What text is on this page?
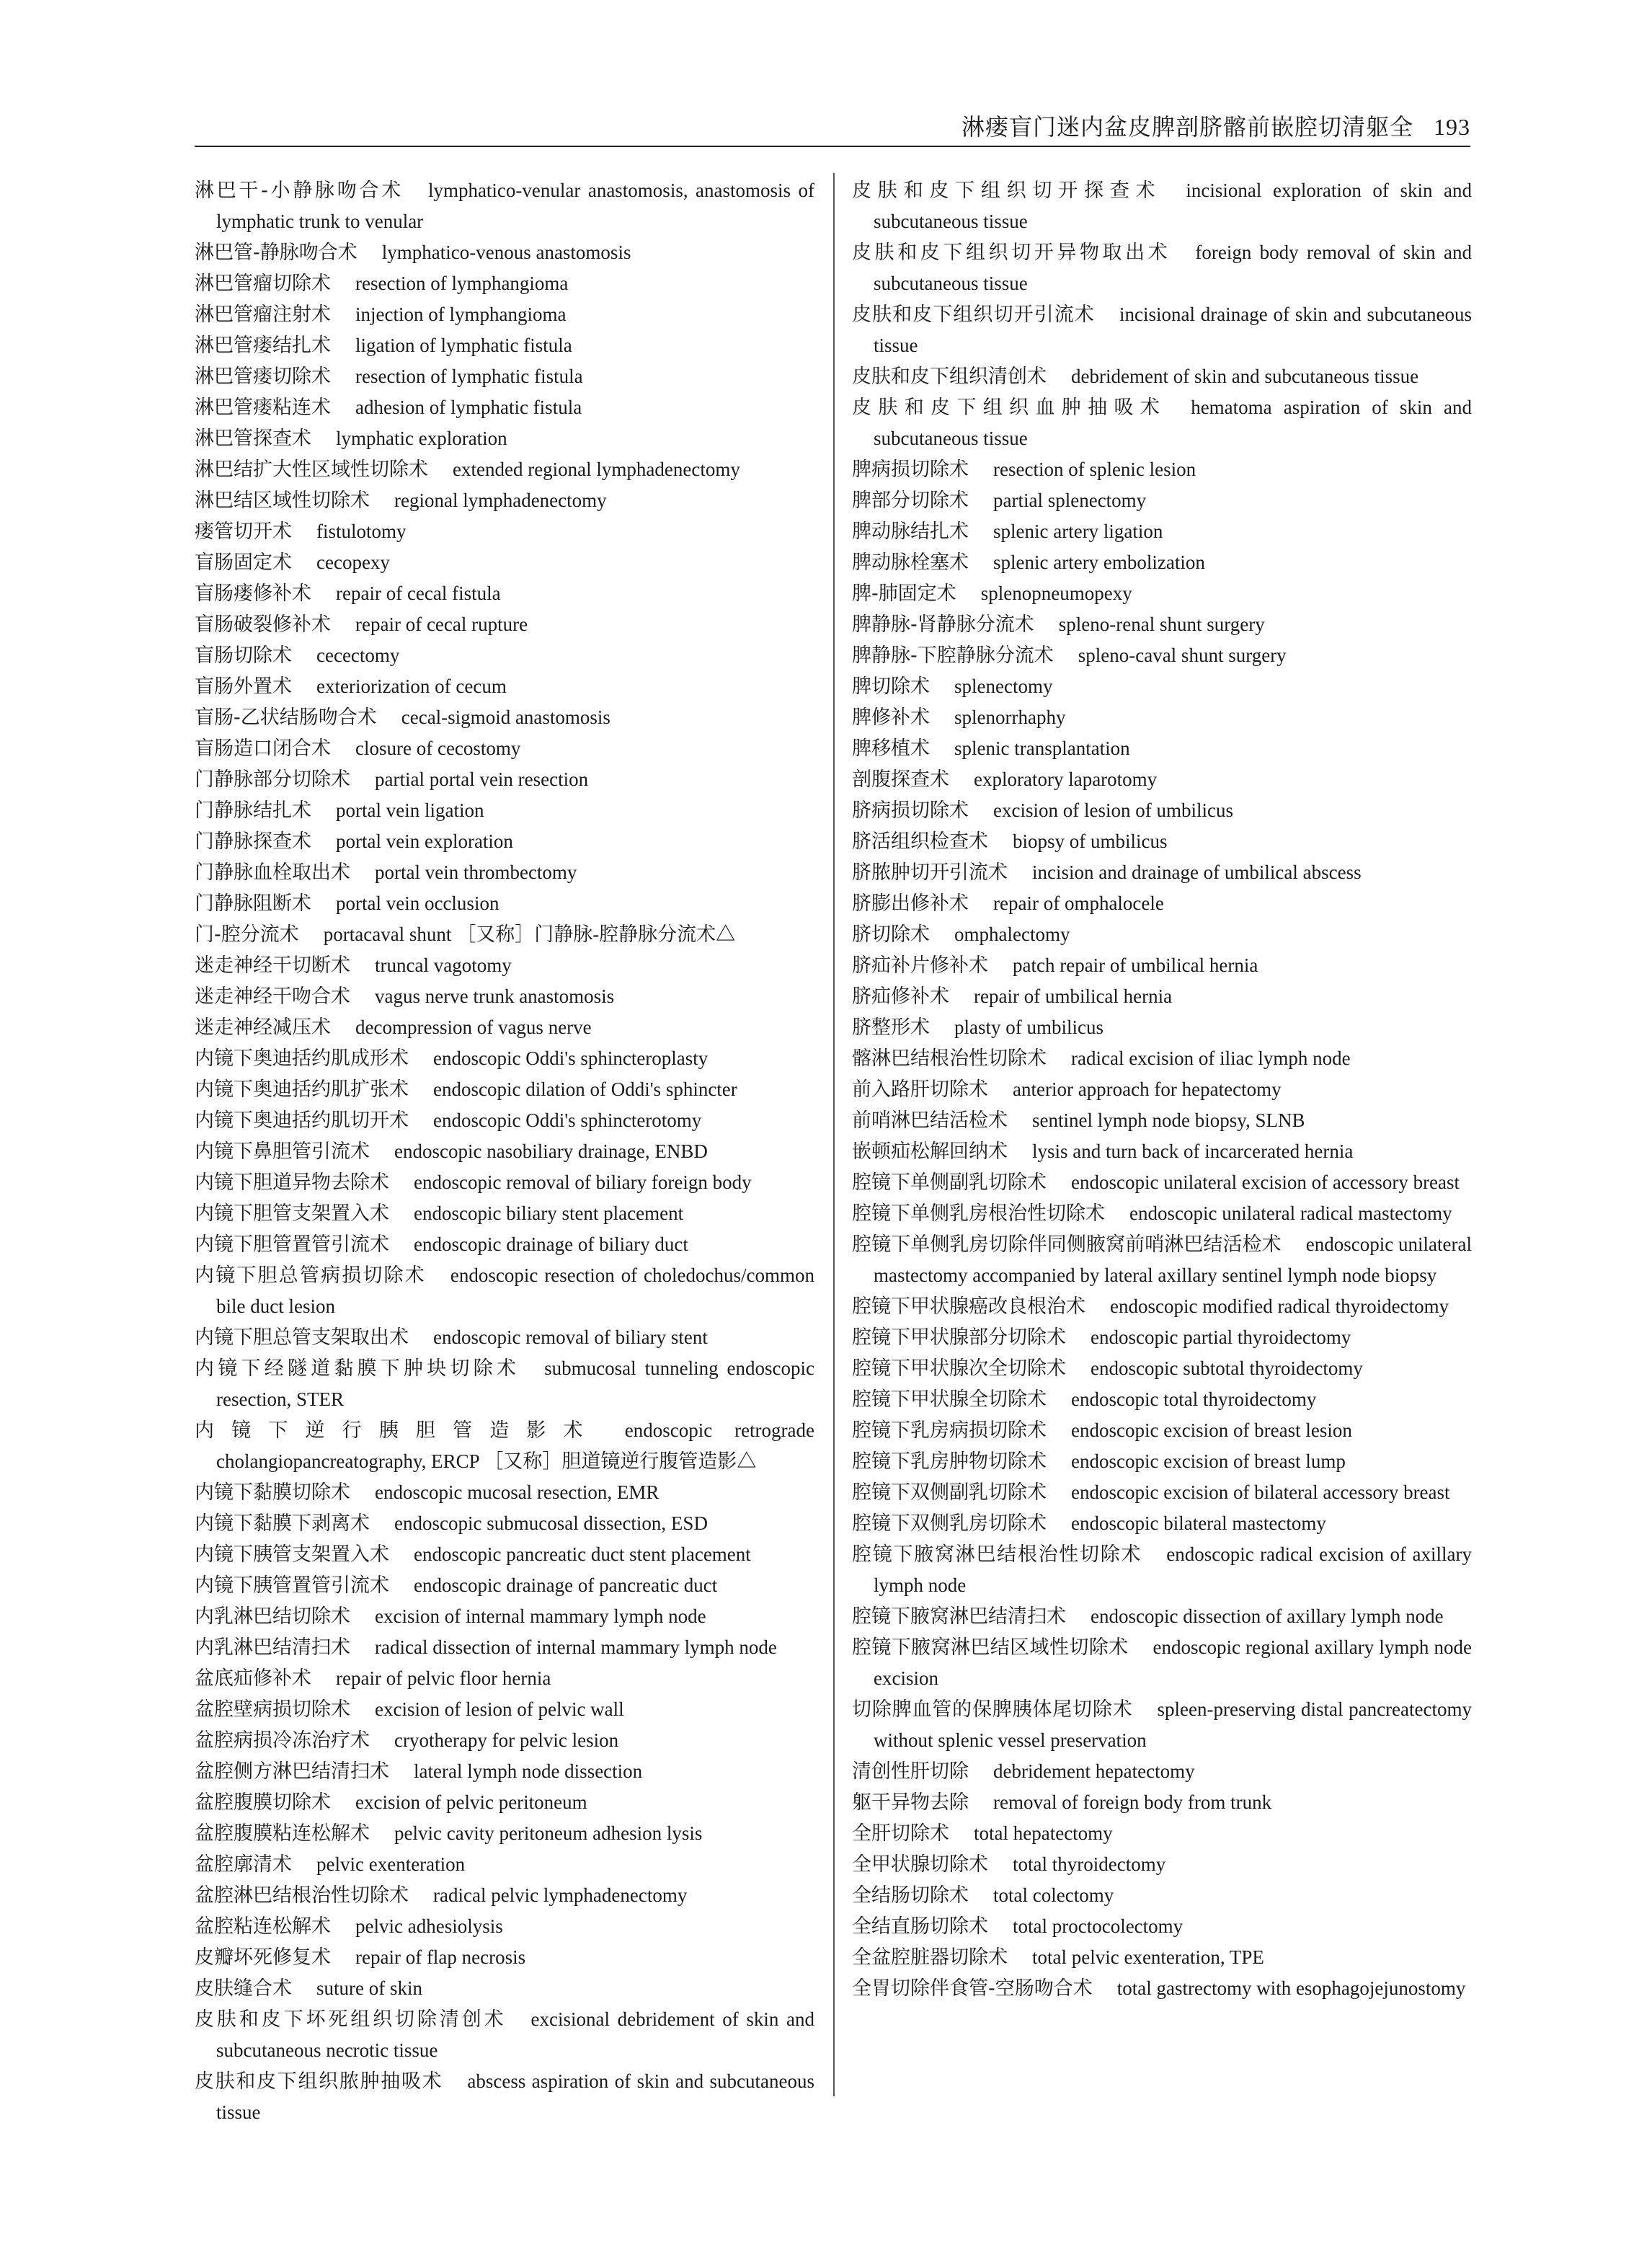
淋瘘盲门迷内盆皮脾剖脐髂前嵌腔切清躯全 193
淋巴干-小静脉吻合术 lymphatico-venular anastomosis, anastomosis of lymphatic trunk to venular
淋巴管-静脉吻合术 lymphatico-venous anastomosis
淋巴管瘤切除术 resection of lymphangioma
淋巴管瘤注射术 injection of lymphangioma
淋巴管瘘结扎术 ligation of lymphatic fistula
淋巴管瘘切除术 resection of lymphatic fistula
淋巴管瘘粘连术 adhesion of lymphatic fistula
淋巴管探查术 lymphatic exploration
淋巴结扩大性区域性切除术 extended regional lymphadenectomy
淋巴结区域性切除术 regional lymphadenectomy
瘘管切开术 fistulotomy
盲肠固定术 cecopexy
盲肠瘘修补术 repair of cecal fistula
盲肠破裂修补术 repair of cecal rupture
盲肠切除术 cecectomy
盲肠外置术 exteriorization of cecum
盲肠-乙状结肠吻合术 cecal-sigmoid anastomosis
盲肠造口闭合术 closure of cecostomy
门静脉部分切除术 partial portal vein resection
门静脉结扎术 portal vein ligation
门静脉探查术 portal vein exploration
门静脉血栓取出术 portal vein thrombectomy
门静脉阻断术 portal vein occlusion
门-腔分流术 portacaval shunt ［又称］门静脉-腔静脉分流术△
迷走神经干切断术 truncal vagotomy
迷走神经干吻合术 vagus nerve trunk anastomosis
迷走神经减压术 decompression of vagus nerve
内镜下奥迪括约肌成形术 endoscopic Oddi's sphincteroplasty
内镜下奥迪括约肌扩张术 endoscopic dilation of Oddi's sphincter
内镜下奥迪括约肌切开术 endoscopic Oddi's sphincterotomy
内镜下鼻胆管引流术 endoscopic nasobiliary drainage, ENBD
内镜下胆道异物去除术 endoscopic removal of biliary foreign body
内镜下胆管支架置入术 endoscopic biliary stent placement
内镜下胆管置管引流术 endoscopic drainage of biliary duct
内镜下胆总管病损切除术 endoscopic resection of choledochus/common bile duct lesion
内镜下胆总管支架取出术 endoscopic removal of biliary stent
内镜下经隧道黏膜下肿块切除术 submucosal tunneling endoscopic resection, STER
内镜下逆行胰胆管造影术 endoscopic retrograde cholangiopancreatography, ERCP ［又称］胆道镜逆行腹管造影△
内镜下黏膜切除术 endoscopic mucosal resection, EMR
内镜下黏膜下剥离术 endoscopic submucosal dissection, ESD
内镜下胰管支架置入术 endoscopic pancreatic duct stent placement
内镜下胰管置管引流术 endoscopic drainage of pancreatic duct
内乳淋巴结切除术 excision of internal mammary lymph node
内乳淋巴结清扫术 radical dissection of internal mammary lymph node
盆底疝修补术 repair of pelvic floor hernia
盆腔壁病损切除术 excision of lesion of pelvic wall
盆腔病损冷冻治疗术 cryotherapy for pelvic lesion
盆腔侧方淋巴结清扫术 lateral lymph node dissection
盆腔腹膜切除术 excision of pelvic peritoneum
盆腔腹膜粘连松解术 pelvic cavity peritoneum adhesion lysis
盆腔廓清术 pelvic exenteration
盆腔淋巴结根治性切除术 radical pelvic lymphadenectomy
盆腔粘连松解术 pelvic adhesiolysis
皮瓣坏死修复术 repair of flap necrosis
皮肤缝合术 suture of skin
皮肤和皮下坏死组织切除清创术 excisional debridement of skin and subcutaneous necrotic tissue
皮肤和皮下组织脓肿抽吸术 abscess aspiration of skin and subcutaneous tissue
皮肤和皮下组织切开探查术 incisional exploration of skin and subcutaneous tissue
皮肤和皮下组织切开异物取出术 foreign body removal of skin and subcutaneous tissue
皮肤和皮下组织切开引流术 incisional drainage of skin and subcutaneous tissue
皮肤和皮下组织清创术 debridement of skin and subcutaneous tissue
皮肤和皮下组织血肿抽吸术 hematoma aspiration of skin and subcutaneous tissue
脾病损切除术 resection of splenic lesion
脾部分切除术 partial splenectomy
脾动脉结扎术 splenic artery ligation
脾动脉栓塞术 splenic artery embolization
脾-肺固定术 splenopneumopexy
脾静脉-肾静脉分流术 spleno-renal shunt surgery
脾静脉-下腔静脉分流术 spleno-caval shunt surgery
脾切除术 splenectomy
脾修补术 splenorrhaphy
脾移植术 splenic transplantation
剖腹探查术 exploratory laparotomy
脐病损切除术 excision of lesion of umbilicus
脐活组织检查术 biopsy of umbilicus
脐脓肿切开引流术 incision and drainage of umbilical abscess
脐膨出修补术 repair of omphalocele
脐切除术 omphalectomy
脐疝补片修补术 patch repair of umbilical hernia
脐疝修补术 repair of umbilical hernia
脐整形术 plasty of umbilicus
髂淋巴结根治性切除术 radical excision of iliac lymph node
前入路肝切除术 anterior approach for hepatectomy
前哨淋巴结活检术 sentinel lymph node biopsy, SLNB
嵌顿疝松解回纳术 lysis and turn back of incarcerated hernia
腔镜下单侧副乳切除术 endoscopic unilateral excision of accessory breast
腔镜下单侧乳房根治性切除术 endoscopic unilateral radical mastectomy
腔镜下单侧乳房切除伴同侧腋窝前哨淋巴结活检术 endoscopic unilateral mastectomy accompanied by lateral axillary sentinel lymph node biopsy
腔镜下甲状腺癌改良根治术 endoscopic modified radical thyroidectomy
腔镜下甲状腺部分切除术 endoscopic partial thyroidectomy
腔镜下甲状腺次全切除术 endoscopic subtotal thyroidectomy
腔镜下甲状腺全切除术 endoscopic total thyroidectomy
腔镜下乳房病损切除术 endoscopic excision of breast lesion
腔镜下乳房肿物切除术 endoscopic excision of breast lump
腔镜下双侧副乳切除术 endoscopic excision of bilateral accessory breast
腔镜下双侧乳房切除术 endoscopic bilateral mastectomy
腔镜下腋窝淋巴结根治性切除术 endoscopic radical excision of axillary lymph node
腔镜下腋窝淋巴结清扫术 endoscopic dissection of axillary lymph node
腔镜下腋窝淋巴结区域性切除术 endoscopic regional axillary lymph node excision
切除脾血管的保脾胰体尾切除术 spleen-preserving distal pancreatectomy without splenic vessel preservation
清创性肝切除 debridement hepatectomy
躯干异物去除 removal of foreign body from trunk
全肝切除术 total hepatectomy
全甲状腺切除术 total thyroidectomy
全结肠切除术 total colectomy
全结直肠切除术 total proctocolectomy
全盆腔脏器切除术 total pelvic exenteration, TPE
全胃切除伴食管-空肠吻合术 total gastrectomy with esophagojejunostomy
